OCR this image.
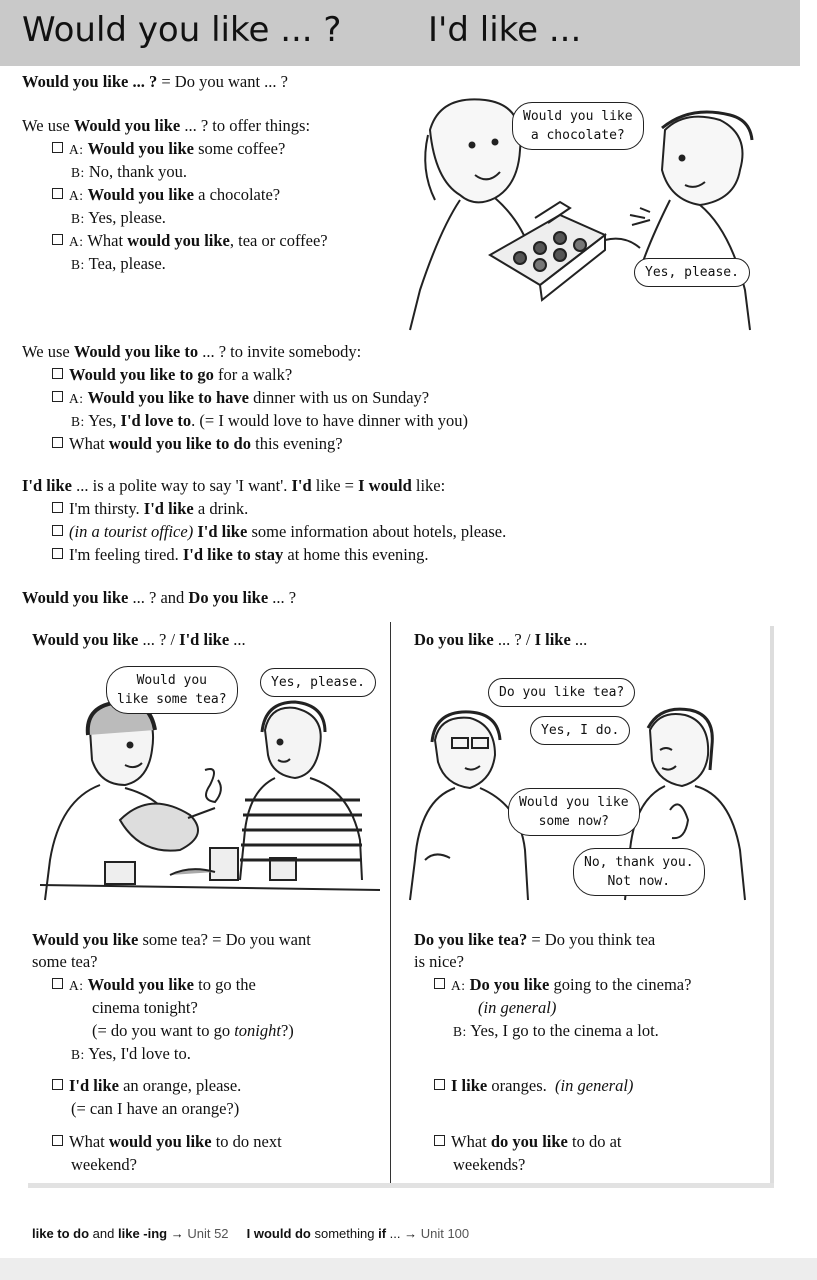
Would you like ... ?	I'd like ...
Would you like ... ? = Do you want ... ?
We use Would you like ... ? to offer things:
A: Would you like some coffee?
B: No, thank you.
A: Would you like a chocolate?
B: Yes, please.
A: What would you like, tea or coffee?
B: Tea, please.
Would you like
a chocolate?
Yes, please.
We use Would you like to ... ? to invite somebody:
Would you like to go for a walk?
A: Would you like to have dinner with us on Sunday?
B: Yes, I'd love to. (= I would love to have dinner with you)
What would you like to do this evening?
I'd like ... is a polite way to say 'I want'. I'd like = I would like:
I'm thirsty. I'd like a drink.
(in a tourist office) I'd like some information about hotels, please.
I'm feeling tired. I'd like to stay at home this evening.
Would you like ... ? and Do you like ... ?
Would you like ... ? / I'd like ...	Do you like ... ? / I like ...
Would you
like some tea?
Yes, please.
Do you like tea?
Yes, I do.
Would you like
some now?
No, thank you.
Not now.
Would you like some tea? = Do you want
some tea?
A: Would you like to go the
cinema tonight?
(= do you want to go tonight?)
B: Yes, I'd love to.
I'd like an orange, please.
(= can I have an orange?)
What would you like to do next
weekend?
Do you like tea? = Do you think tea
is nice?
A: Do you like going to the cinema?
(in general)
B: Yes, I go to the cinema a lot.
I like oranges. (in general)
What do you like to do at
weekends?
like to do and like -ing → Unit 52 I would do something if ... → Unit 100
